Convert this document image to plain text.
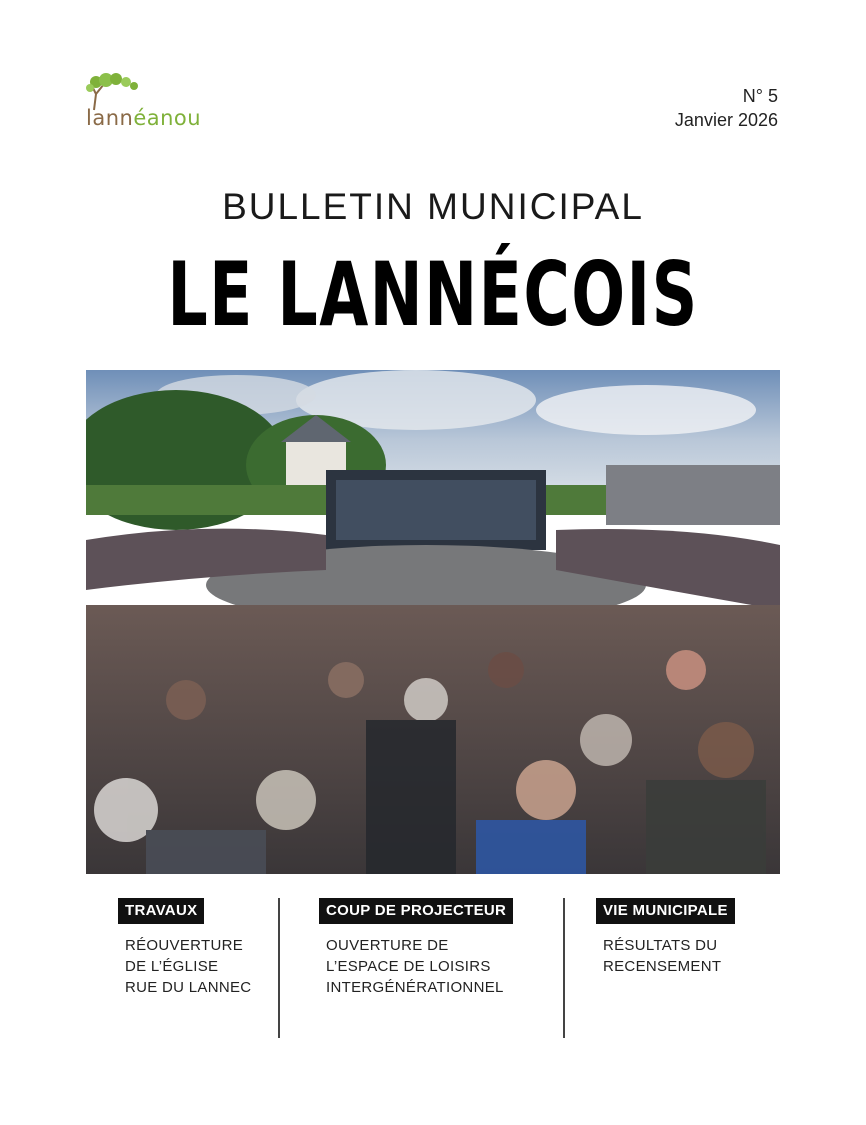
lannéanou
N° 5
Janvier 2026
BULLETIN MUNICIPAL
LE LANNÉCOIS
TRAVAUX
RÉOUVERTURE
DE L’ÉGLISE
RUE DU LANNEC
COUP DE PROJECTEUR
OUVERTURE DE
L’ESPACE DE LOISIRS
INTERGÉNÉRATIONNEL
VIE MUNICIPALE
RÉSULTATS DU
RECENSEMENT
